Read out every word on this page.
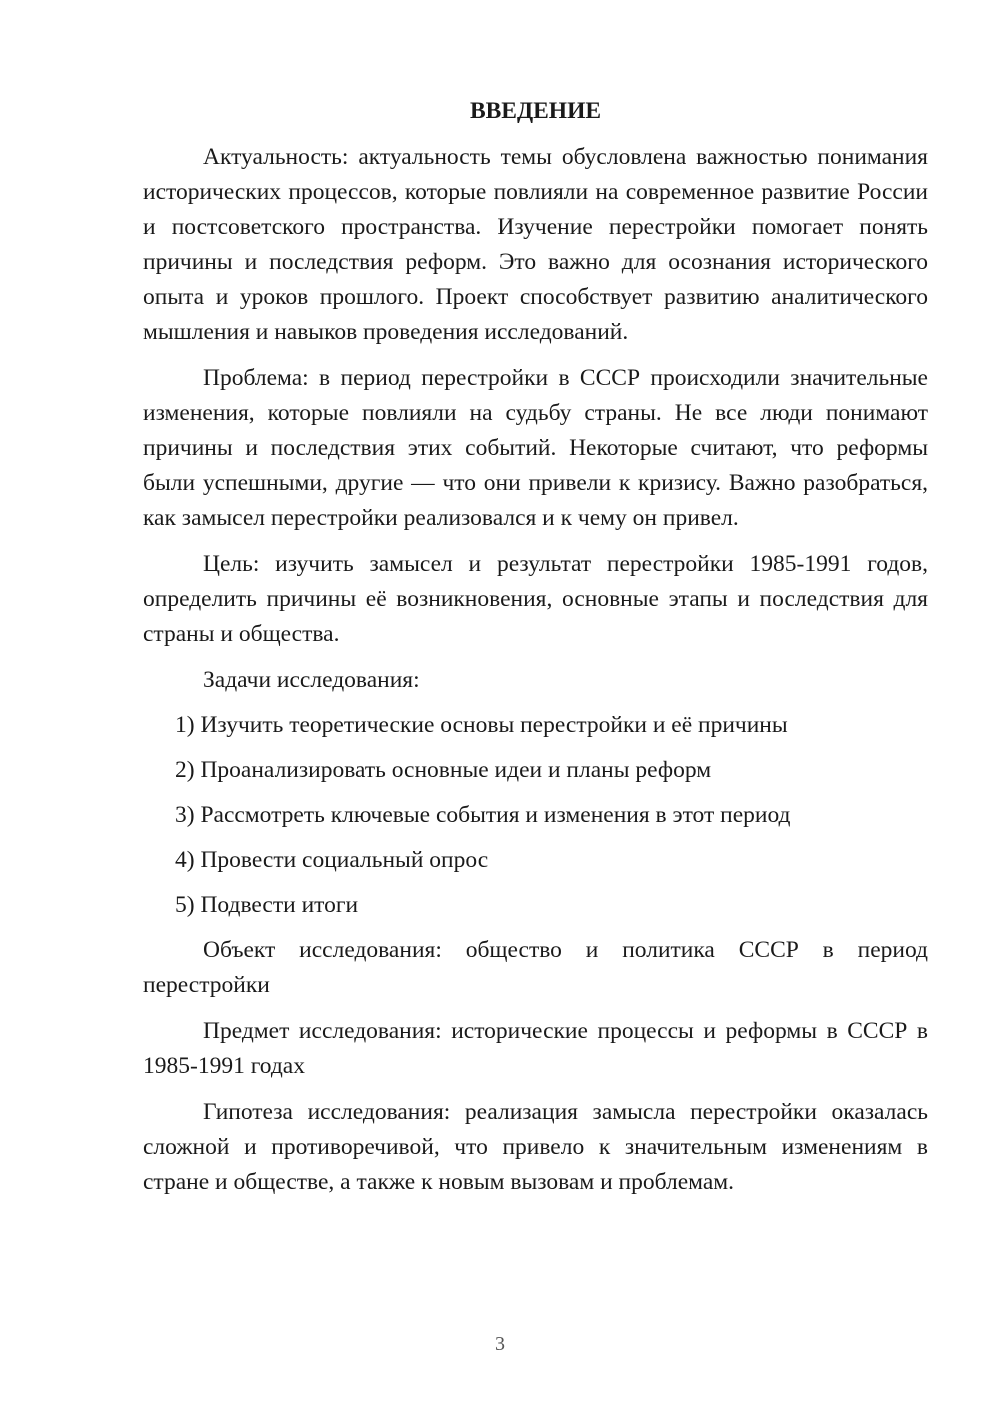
ВВЕДЕНИЕ

Актуальность: актуальность темы обусловлена важностью понимания исторических процессов, которые повлияли на современное развитие России и постсоветского пространства. Изучение перестройки помогает понять причины и последствия реформ. Это важно для осознания исторического опыта и уроков прошлого. Проект способствует развитию аналитического мышления и навыков проведения исследований.

Проблема: в период перестройки в СССР происходили значительные изменения, которые повлияли на судьбу страны. Не все люди понимают причины и последствия этих событий. Некоторые считают, что реформы были успешными, другие — что они привели к кризису. Важно разобраться, как замысел перестройки реализовался и к чему он привел.

Цель: изучить замысел и результат перестройки 1985-1991 годов, определить причины её возникновения, основные этапы и последствия для страны и общества.

Задачи исследования:

1) Изучить теоретические основы перестройки и её причины
2) Проанализировать основные идеи и планы реформ
3) Рассмотреть ключевые события и изменения в этот период
4) Провести социальный опрос
5) Подвести итоги

Объект исследования: общество и политика СССР в период перестройки

Предмет исследования: исторические процессы и реформы в СССР в 1985-1991 годах

Гипотеза исследования: реализация замысла перестройки оказалась сложной и противоречивой, что привело к значительным изменениям в стране и обществе, а также к новым вызовам и проблемам.

3
